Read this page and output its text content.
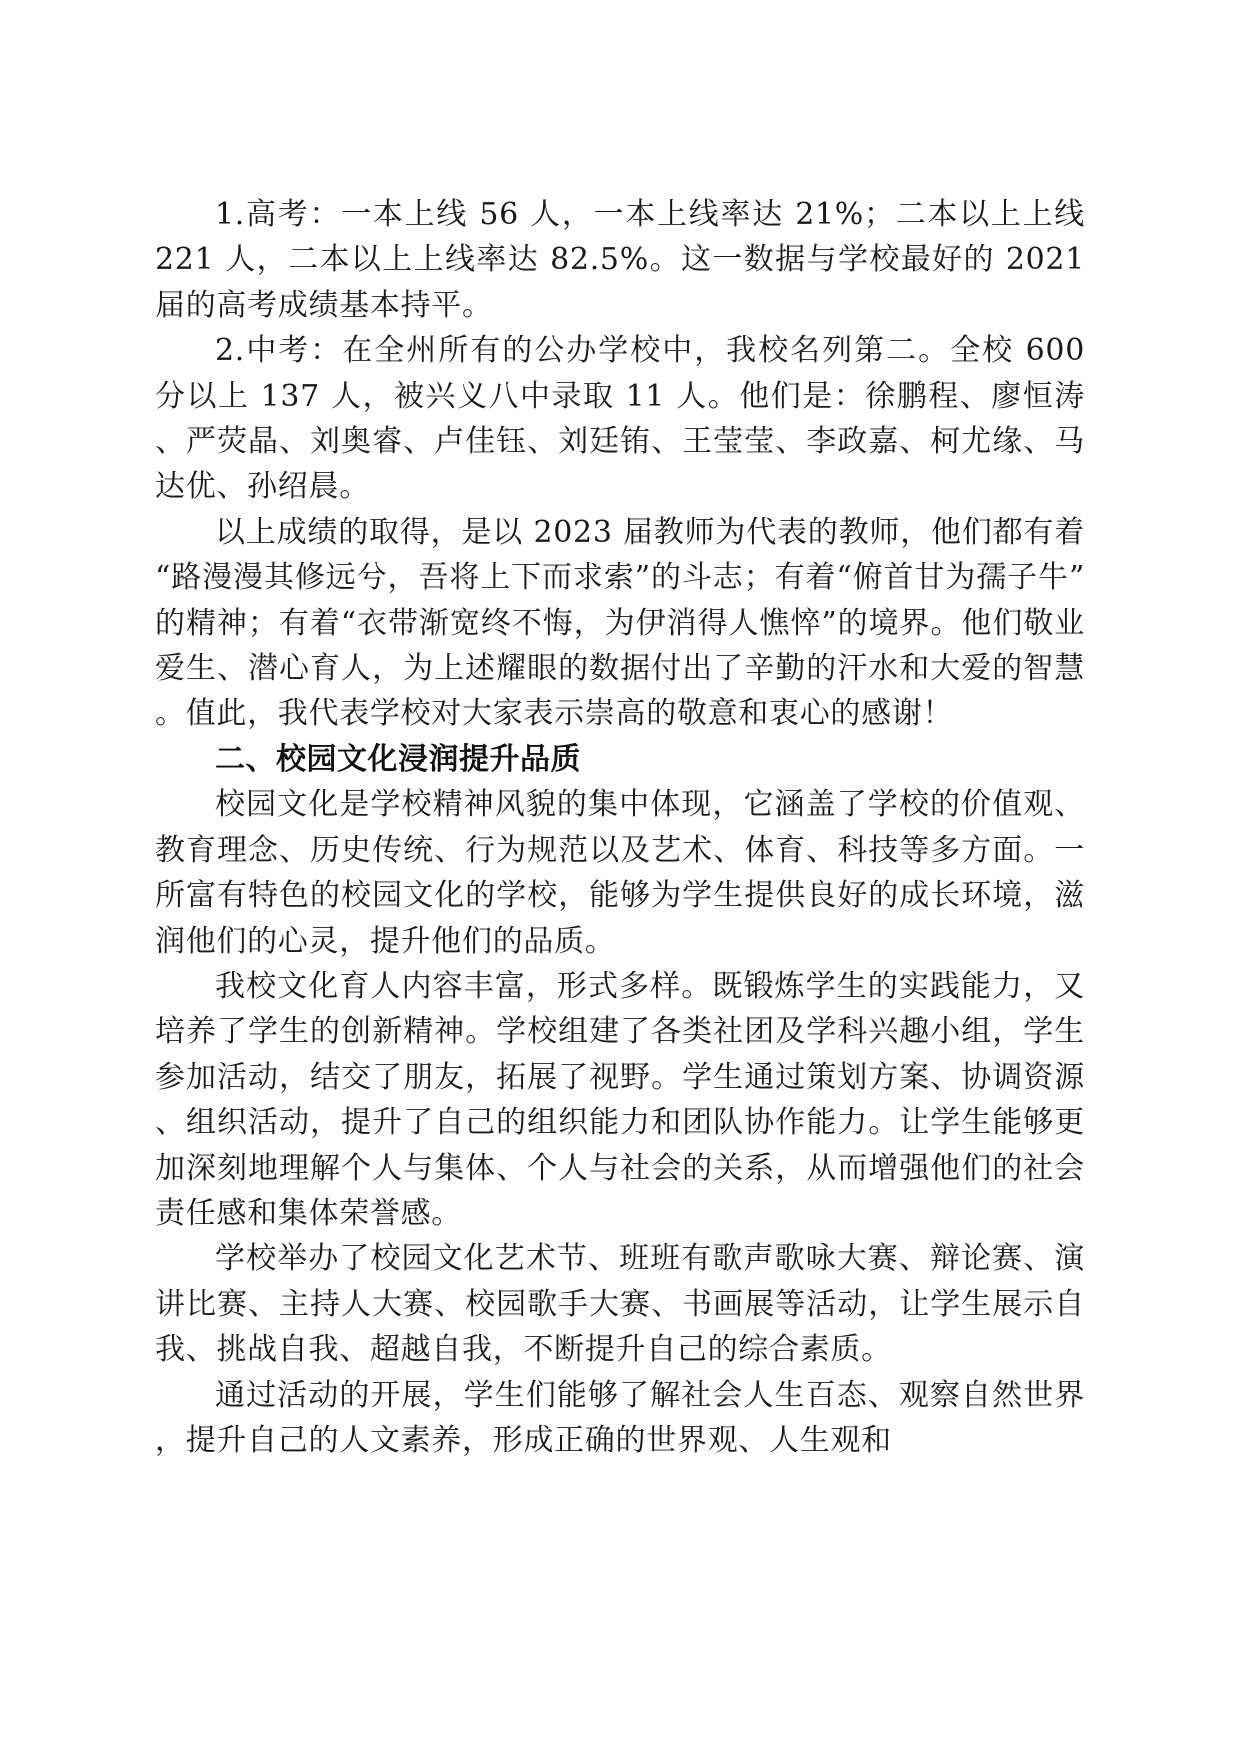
1.高考：一本上线 56 人，一本上线率达 21%；二本以上上线 221 人，二本以上上线率达 82.5%。这一数据与学校最好的 2021 届的高考成绩基本持平。

2.中考：在全州所有的公办学校中，我校名列第二。全校 600 分以上 137 人，被兴义八中录取 11 人。他们是：徐鹏程、廖恒涛、严荧晶、刘奥睿、卢佳钰、刘廷铕、王莹莹、李政嘉、柯尤缘、马达优、孙绍晨。

以上成绩的取得，是以 2023 届教师为代表的教师，他们都有着“路漫漫其修远兮，吾将上下而求索”的斗志；有着“俯首甘为孺子牛”的精神；有着“衣带渐宽终不悔，为伊消得人憔悴”的境界。他们敬业爱生、潜心育人，为上述耀眼的数据付出了辛勤的汗水和大爱的智慧。值此，我代表学校对大家表示崇高的敬意和衷心的感谢！

二、校园文化浸润提升品质

校园文化是学校精神风貌的集中体现，它涵盖了学校的价值观、教育理念、历史传统、行为规范以及艺术、体育、科技等多方面。一所富有特色的校园文化的学校，能够为学生提供良好的成长环境，滋润他们的心灵，提升他们的品质。

我校文化育人内容丰富，形式多样。既锻炼学生的实践能力，又培养了学生的创新精神。学校组建了各类社团及学科兴趣小组，学生参加活动，结交了朋友，拓展了视野。学生通过策划方案、协调资源、组织活动，提升了自己的组织能力和团队协作能力。让学生能够更加深刻地理解个人与集体、个人与社会的关系，从而增强他们的社会责任感和集体荣誉感。

学校举办了校园文化艺术节、班班有歌声歌咏大赛、辩论赛、演讲比赛、主持人大赛、校园歌手大赛、书画展等活动，让学生展示自我、挑战自我、超越自我，不断提升自己的综合素质。

通过活动的开展，学生们能够了解社会人生百态、观察自然世界，提升自己的人文素养，形成正确的世界观、人生观和
